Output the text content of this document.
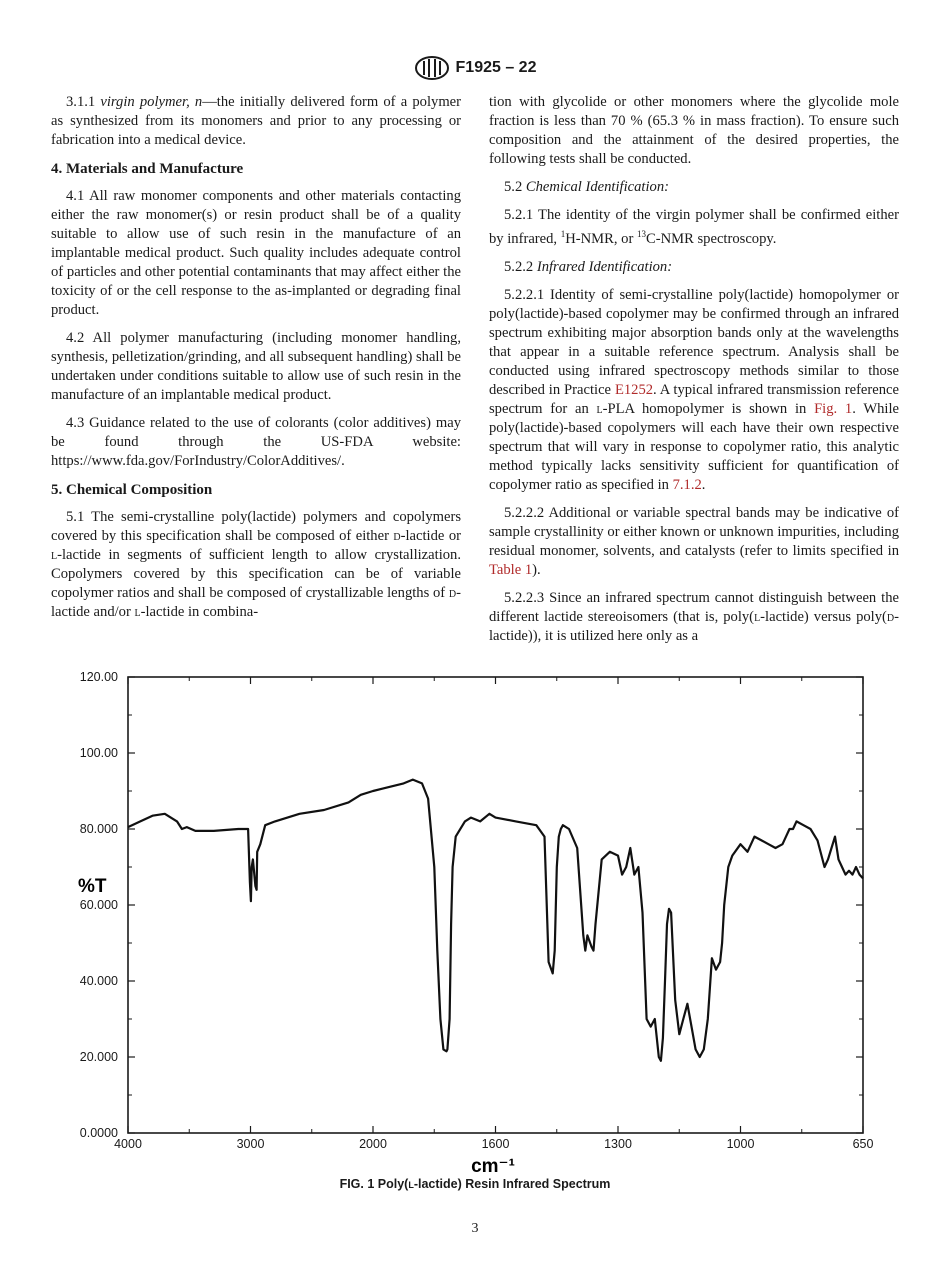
F1925 – 22

3.1.1 virgin polymer, n—the initially delivered form of a polymer as synthesized from its monomers and prior to any processing or fabrication into a medical device.

4. Materials and Manufacture

4.1 All raw monomer components and other materials contacting either the raw monomer(s) or resin product shall be of a quality suitable to allow use of such resin in the manufacture of an implantable medical product. Such quality includes adequate control of particles and other potential contaminants that may affect either the toxicity of or the cell response to the as-implanted or degrading final product.

4.2 All polymer manufacturing (including monomer handling, synthesis, pelletization/grinding, and all subsequent handling) shall be undertaken under conditions suitable to allow use of such resin in the manufacture of an implantable medical product.

4.3 Guidance related to the use of colorants (color additives) may be found through the US-FDA website: https://www.fda.gov/ForIndustry/ColorAdditives/.

5. Chemical Composition

5.1 The semi-crystalline poly(lactide) polymers and copolymers covered by this specification shall be composed of either d-lactide or l-lactide in segments of sufficient length to allow crystallization. Copolymers covered by this specification can be of variable copolymer ratios and shall be composed of crystallizable lengths of d-lactide and/or l-lactide in combina-

tion with glycolide or other monomers where the glycolide mole fraction is less than 70 % (65.3 % in mass fraction). To ensure such composition and the attainment of the desired properties, the following tests shall be conducted.

5.2 Chemical Identification:

5.2.1 The identity of the virgin polymer shall be confirmed either by infrared, $^1$H-NMR, or $^{13}$C-NMR spectroscopy.

5.2.2 Infrared Identification:

5.2.2.1 Identity of semi-crystalline poly(lactide) homopolymer or poly(lactide)-based copolymer may be confirmed through an infrared spectrum exhibiting major absorption bands only at the wavelengths that appear in a suitable reference spectrum. Analysis shall be conducted using infrared spectroscopy methods similar to those described in Practice E1252. A typical infrared transmission reference spectrum for an l-PLA homopolymer is shown in Fig. 1. While poly(lactide)-based copolymers will each have their own respective spectrum that will vary in response to copolymer ratio, this analytic method typically lacks sensitivity sufficient for quantification of copolymer ratio as specified in 7.1.2.

5.2.2.2 Additional or variable spectral bands may be indicative of sample crystallinity or either known or unknown impurities, including residual monomer, solvents, and catalysts (refer to limits specified in Table 1).

5.2.2.3 Since an infrared spectrum cannot distinguish between the different lactide stereoisomers (that is, poly(l-lactide) versus poly(d-lactide)), it is utilized here only as a

0.0000
20.000
40.000
60.000
80.000
100.00
120.00
4000	3000	2000	1600	1300	1000	650
%T
cm⁻¹
FIG. 1 Poly(l-lactide) Resin Infrared Spectrum
3
